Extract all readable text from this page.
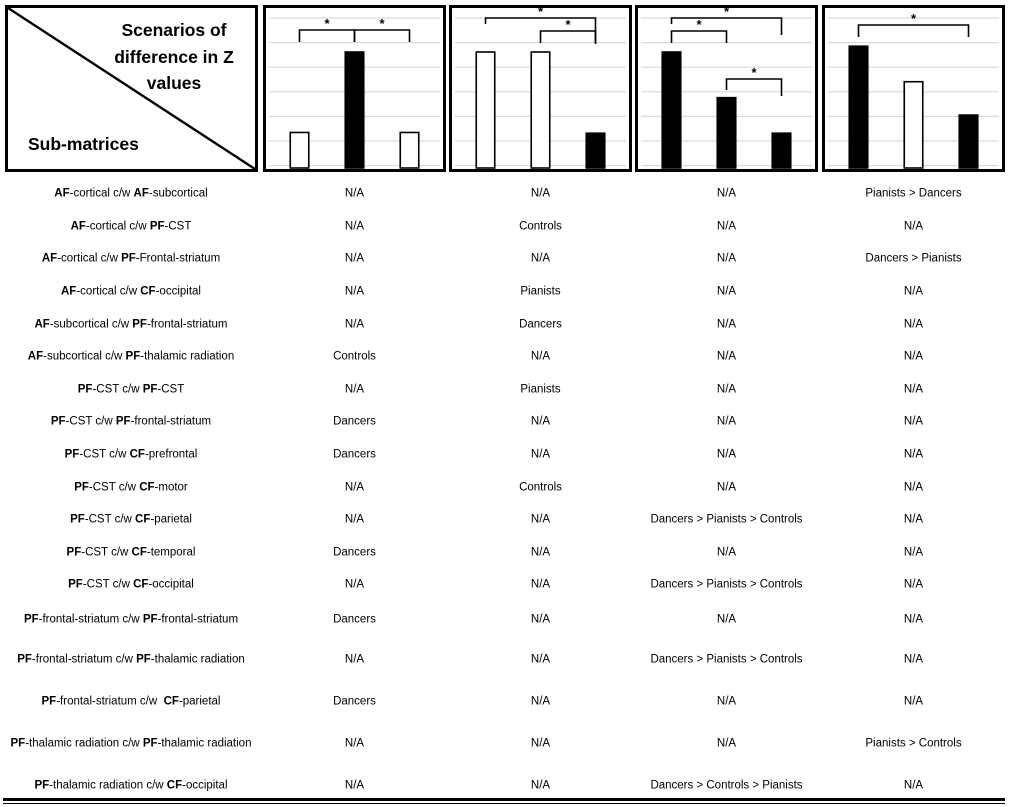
Scenarios of difference in Z values
Sub-matrices
*	*
*
*
*
*
*
*
AF-cortical c/w AF-subcortical	N/A	N/A	N/A	Pianists > Dancers
AF-cortical c/w PF-CST	N/A	Controls	N/A	N/A
AF-cortical c/w PF-Frontal-striatum	N/A	N/A	N/A	Dancers > Pianists
AF-cortical c/w CF-occipital	N/A	Pianists	N/A	N/A
AF-subcortical c/w PF-frontal-striatum	N/A	Dancers	N/A	N/A
AF-subcortical c/w PF-thalamic radiation	Controls	N/A	N/A	N/A
PF-CST c/w PF-CST	N/A	Pianists	N/A	N/A
PF-CST c/w PF-frontal-striatum	Dancers	N/A	N/A	N/A
PF-CST c/w CF-prefrontal	Dancers	N/A	N/A	N/A
PF-CST c/w CF-motor	N/A	Controls	N/A	N/A
PF-CST c/w CF-parietal	N/A	N/A	Dancers > Pianists > Controls	N/A
PF-CST c/w CF-temporal	Dancers	N/A	N/A	N/A
PF-CST c/w CF-occipital	N/A	N/A	Dancers > Pianists > Controls	N/A
PF-frontal-striatum c/w PF-frontal-striatum	Dancers	N/A	N/A	N/A
PF-frontal-striatum c/w PF-thalamic radiation	N/A	N/A	Dancers > Pianists > Controls	N/A
PF-frontal-striatum c/w  CF-parietal	Dancers	N/A	N/A	N/A
PF-thalamic radiation c/w PF-thalamic radiation	N/A	N/A	N/A	Pianists > Controls
PF-thalamic radiation c/w CF-occipital	N/A	N/A	Dancers > Controls > Pianists	N/A
